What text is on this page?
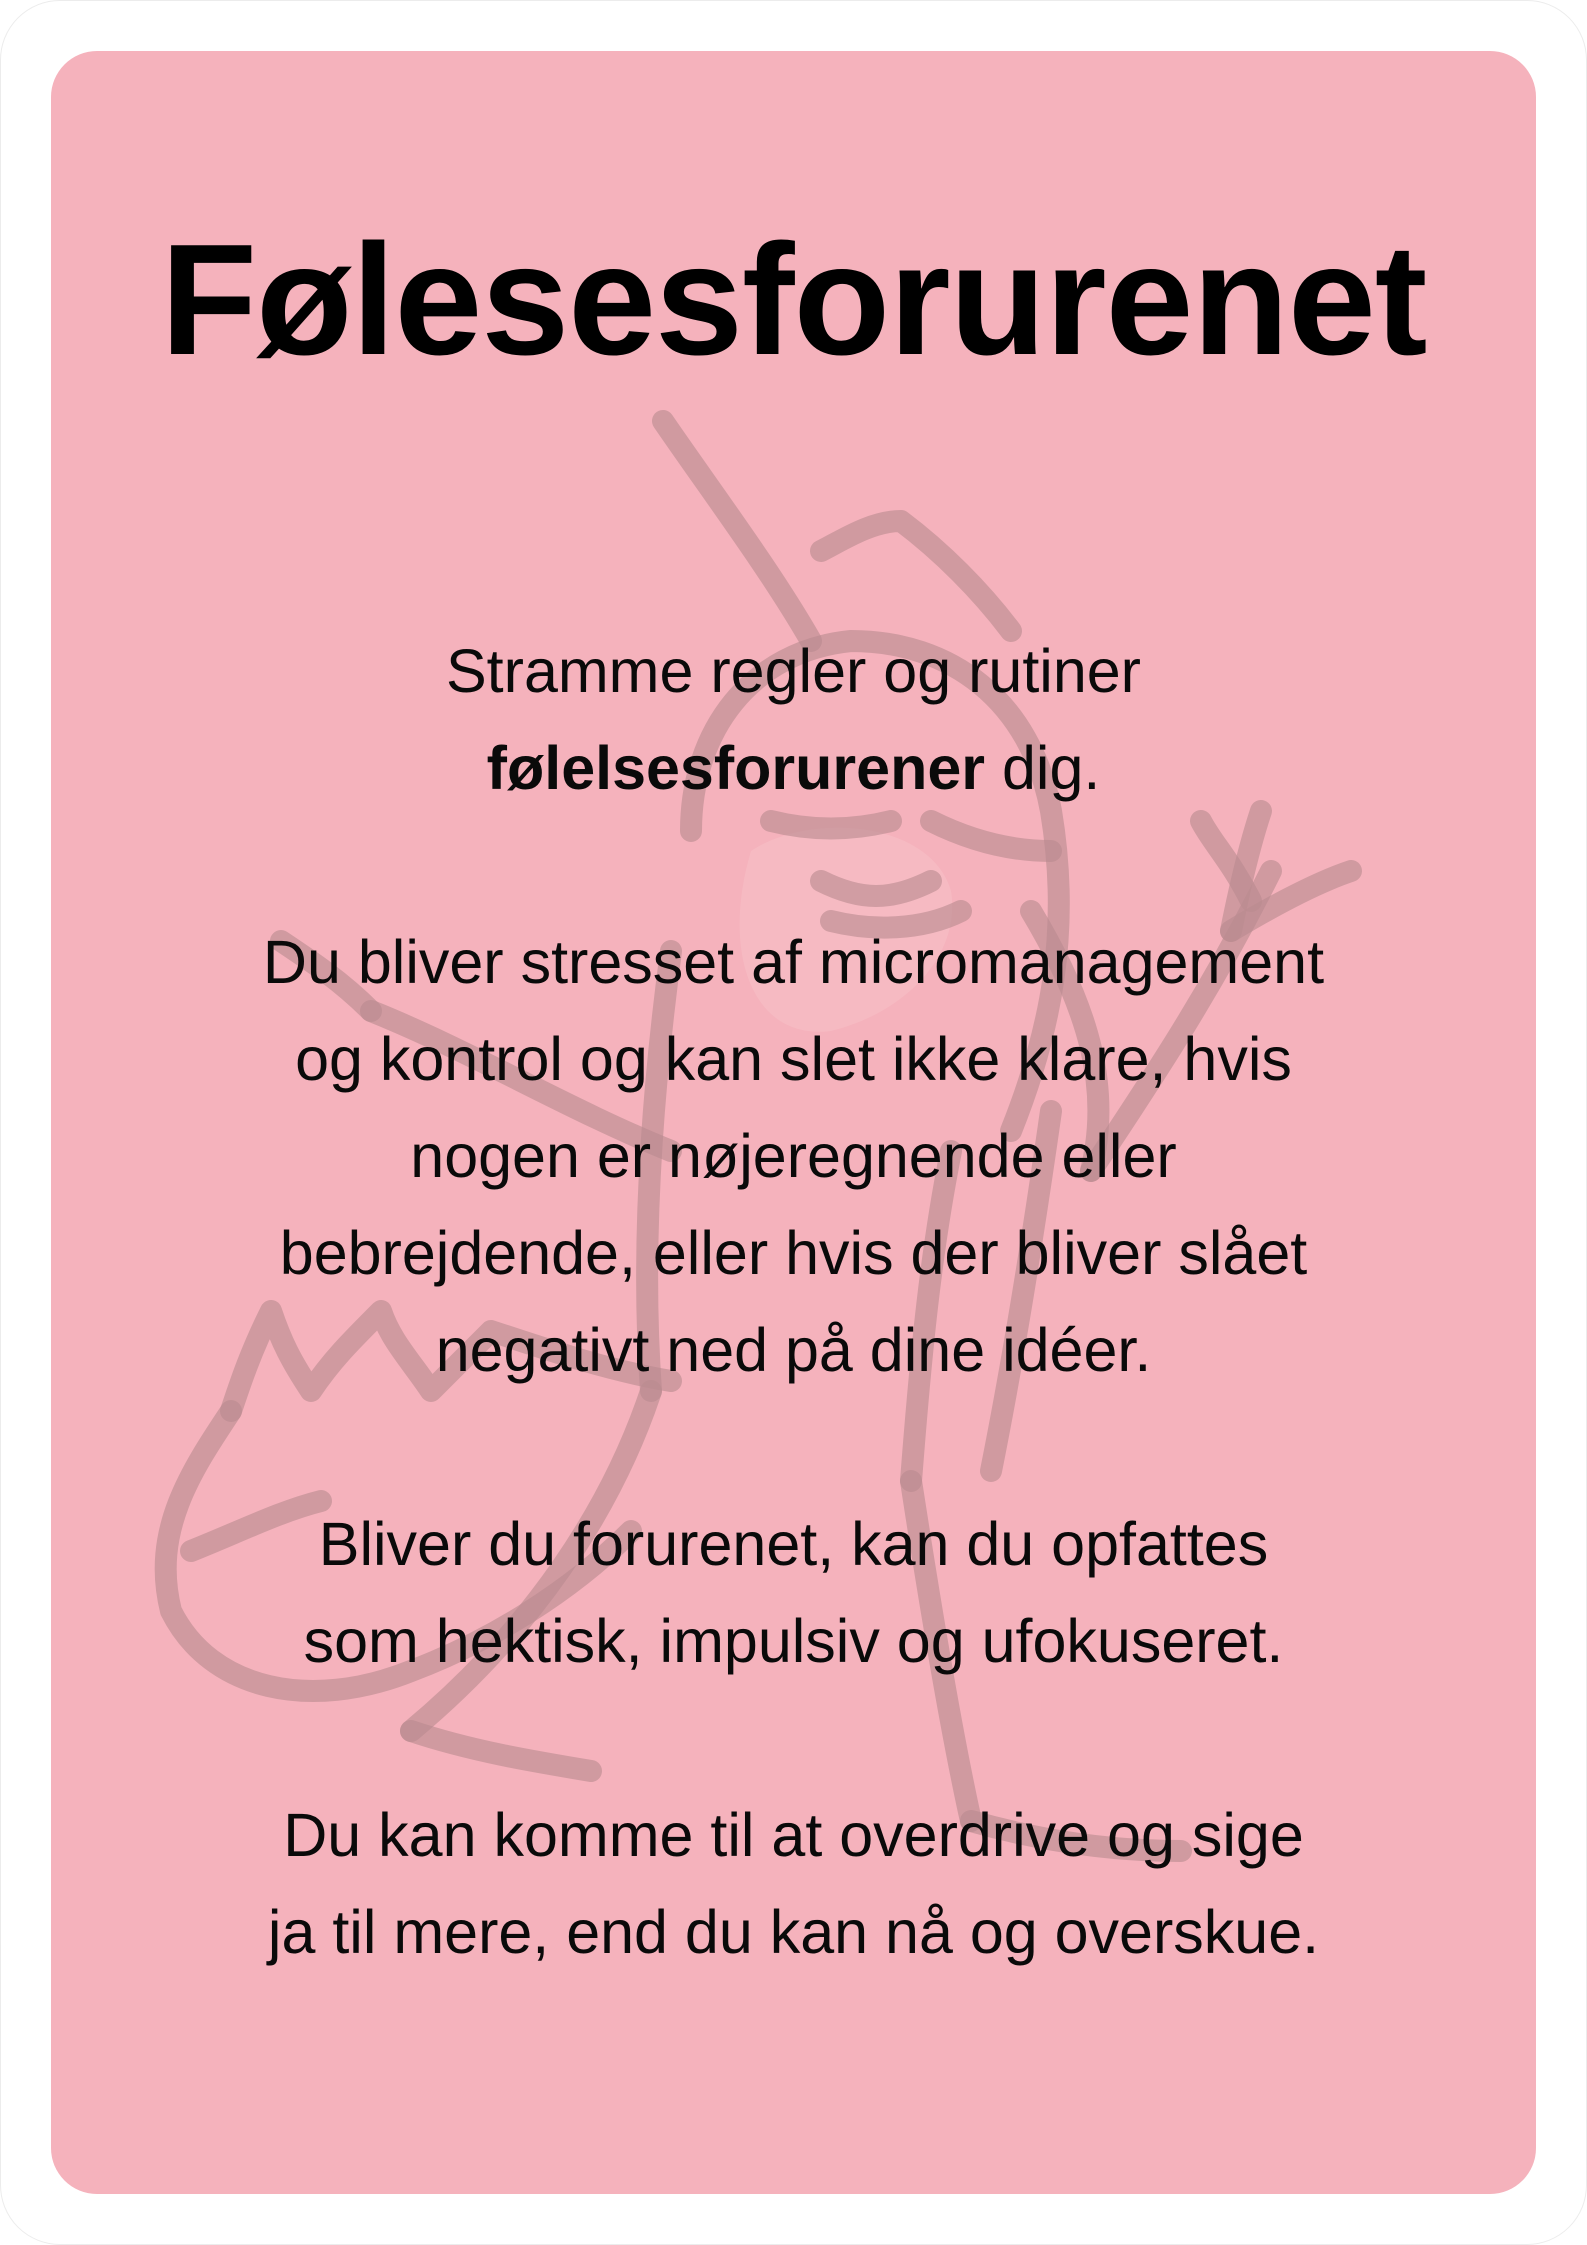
Følesesforurenet

Stramme regler og rutiner
følelsesforurener dig.

Du bliver stresset af micromanagement
og kontrol og kan slet ikke klare, hvis
nogen er nøjeregnende eller
bebrejdende, eller hvis der bliver slået
negativt ned på dine idéer.

Bliver du forurenet, kan du opfattes
som hektisk, impulsiv og ufokuseret.

Du kan komme til at overdrive og sige
ja til mere, end du kan nå og overskue.
